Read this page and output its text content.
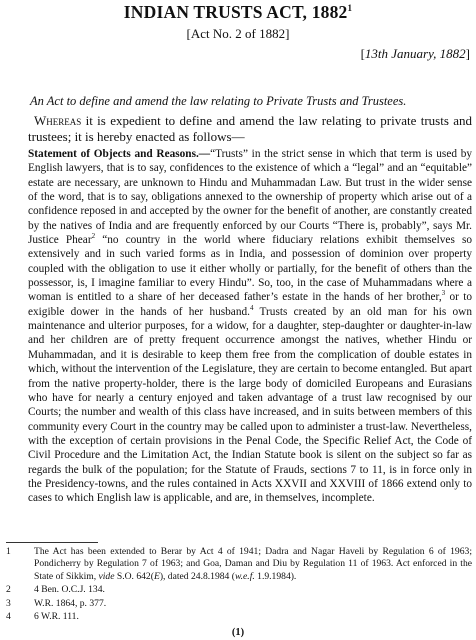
INDIAN TRUSTS ACT, 1882$^1$
[Act No. 2 of 1882]
[13th January, 1882]
An Act to define and amend the law relating to Private Trusts and Trustees.
Whereas it is expedient to define and amend the law relating to private trusts and trustees; it is hereby enacted as follows—
Statement of Objects and Reasons.—“Trusts” in the strict sense in which that term is used by English lawyers, that is to say, confidences to the existence of which a “legal” and an “equitable” estate are necessary, are unknown to Hindu and Muhammadan Law. But trust in the wider sense of the word, that is to say, obligations annexed to the ownership of property which arise out of a confidence reposed in and accepted by the owner for the benefit of another, are constantly created by the natives of India and are frequently enforced by our Courts “There is, probably”, says Mr. Justice Phear$^2$ “no country in the world where fiduciary relations exhibit themselves so extensively and in such varied forms as in India, and possession of dominion over property coupled with the obligation to use it either wholly or partially, for the benefit of others than the possessor, is, I imagine familiar to every Hindu”. So, too, in the case of Muhammadans where a woman is entitled to a share of her deceased father’s estate in the hands of her brother,$^3$ or to exigible dower in the hands of her husband.$^4$ Trusts created by an old man for his own maintenance and ulterior purposes, for a widow, for a daughter, step-daughter or daughter-in-law and her children are of pretty frequent occurrence amongst the natives, whether Hindu or Muhammadan, and it is desirable to keep them free from the complication of double estates in which, without the intervention of the Legislature, they are certain to become entangled. But apart from the native property-holder, there is the large body of domiciled Europeans and Eurasians who have for nearly a century enjoyed and taken advantage of a trust law recognised by our Courts; the number and wealth of this class have increased, and in suits between members of this community every Court in the country may be called upon to administer a trust-law. Nevertheless, with the exception of certain provisions in the Penal Code, the Specific Relief Act, the Code of Civil Procedure and the Limitation Act, the Indian Statute book is silent on the subject so far as regards the bulk of the population; for the Statute of Frauds, sections 7 to 11, is in force only in the Presidency-towns, and the rules contained in Acts XXVII and XXVIII of 1866 extend only to cases to which English law is applicable, and are, in themselves, incomplete.
1	The Act has been extended to Berar by Act 4 of 1941; Dadra and Nagar Haveli by Regulation 6 of 1963; Pondicherry by Regulation 7 of 1963; and Goa, Daman and Diu by Regulation 11 of 1963. Act enforced in the State of Sikkim, vide S.O. 642(E), dated 24.8.1984 (w.e.f. 1.9.1984).
2	4 Ben. O.C.J. 134.
3	W.R. 1864, p. 377.
4	6 W.R. 111.
(1)
